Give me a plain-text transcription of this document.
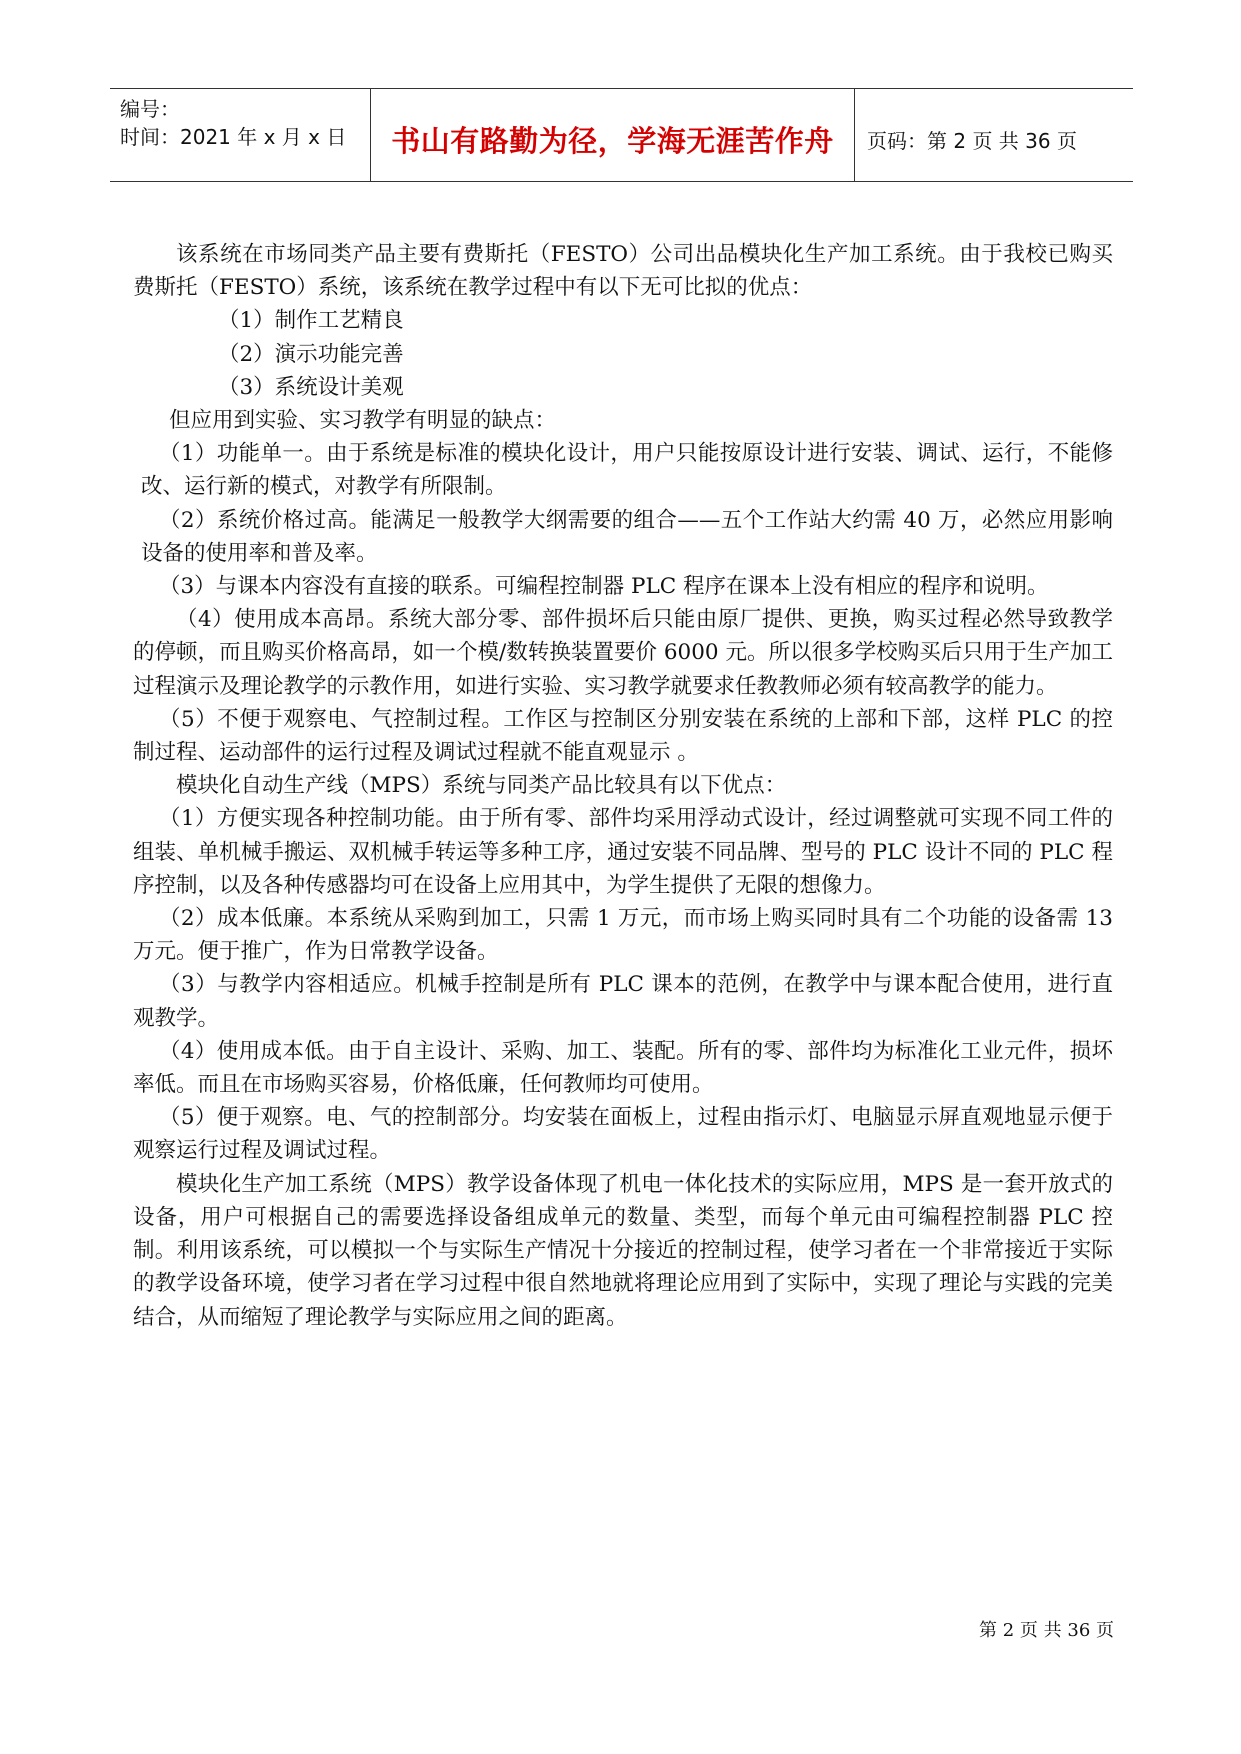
编号：
时间：2021 年 x 月 x 日	书山有路勤为径，学海无涯苦作舟	页码：第 2 页 共 36 页

该系统在市场同类产品主要有费斯托（FESTO）公司出品模块化生产加工系统。由于我校已购买费斯托（FESTO）系统，该系统在教学过程中有以下无可比拟的优点：

（1）制作工艺精良

（2）演示功能完善

（3）系统设计美观

但应用到实验、实习教学有明显的缺点：

（1）功能单一。由于系统是标准的模块化设计，用户只能按原设计进行安装、调试、运行，不能修改、运行新的模式，对教学有所限制。

（2）系统价格过高。能满足一般教学大纲需要的组合——五个工作站大约需 40 万，必然应用影响设备的使用率和普及率。

（3）与课本内容没有直接的联系。可编程控制器 PLC 程序在课本上没有相应的程序和说明。

（4）使用成本高昂。系统大部分零、部件损坏后只能由原厂提供、更换，购买过程必然导致教学的停顿，而且购买价格高昂，如一个模/数转换装置要价 6000 元。所以很多学校购买后只用于生产加工过程演示及理论教学的示教作用，如进行实验、实习教学就要求任教教师必须有较高教学的能力。

（5）不便于观察电、气控制过程。工作区与控制区分别安装在系统的上部和下部，这样 PLC 的控制过程、运动部件的运行过程及调试过程就不能直观显示 。

模块化自动生产线（MPS）系统与同类产品比较具有以下优点：

（1）方便实现各种控制功能。由于所有零、部件均采用浮动式设计，经过调整就可实现不同工件的组装、单机械手搬运、双机械手转运等多种工序，通过安装不同品牌、型号的 PLC 设计不同的 PLC 程序控制，以及各种传感器均可在设备上应用其中，为学生提供了无限的想像力。

（2）成本低廉。本系统从采购到加工，只需 1 万元，而市场上购买同时具有二个功能的设备需 13 万元。便于推广，作为日常教学设备。

（3）与教学内容相适应。机械手控制是所有 PLC 课本的范例，在教学中与课本配合使用，进行直观教学。

（4）使用成本低。由于自主设计、采购、加工、装配。所有的零、部件均为标准化工业元件，损坏率低。而且在市场购买容易，价格低廉，任何教师均可使用。

（5）便于观察。电、气的控制部分。均安装在面板上，过程由指示灯、电脑显示屏直观地显示便于观察运行过程及调试过程。

模块化生产加工系统（MPS）教学设备体现了机电一体化技术的实际应用，MPS 是一套开放式的设备，用户可根据自己的需要选择设备组成单元的数量、类型，而每个单元由可编程控制器 PLC 控制。利用该系统，可以模拟一个与实际生产情况十分接近的控制过程，使学习者在一个非常接近于实际的教学设备环境，使学习者在学习过程中很自然地就将理论应用到了实际中，实现了理论与实践的完美结合，从而缩短了理论教学与实际应用之间的距离。

第 2 页 共 36 页
